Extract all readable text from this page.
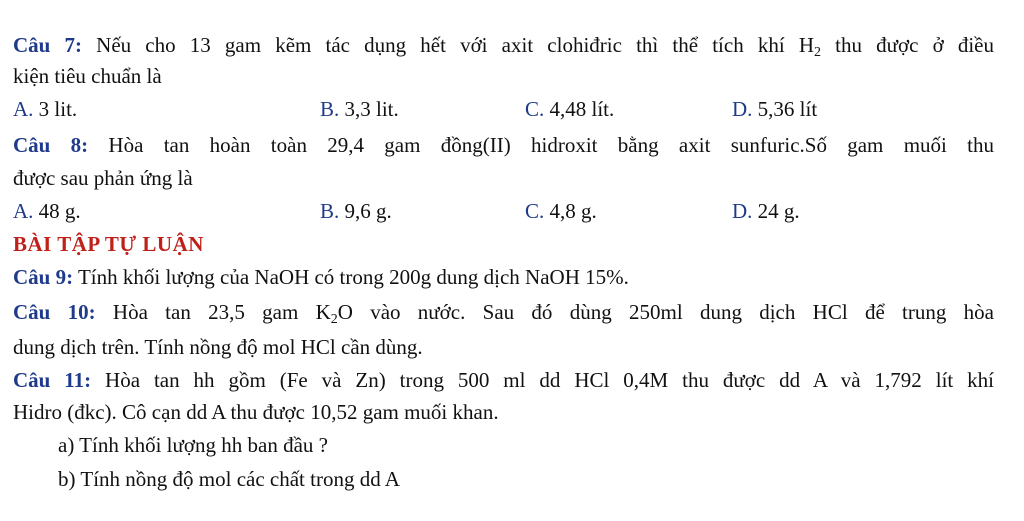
Câu 7: Nếu cho 13 gam kẽm tác dụng hết với axit clohiđric thì thể tích khí $H_2$ thu được ở điều
kiện tiêu chuẩn là
A. 3 lit.	B. 3,3 lit.	C. 4,48 lít.	D. 5,36 lít
Câu 8: Hòa tan hoàn toàn 29,4 gam đồng(II) hidroxit bằng axit sunfuric.Số gam muối thu
được sau phản ứng là
A. 48 g.	B. 9,6 g.	C. 4,8 g.	D. 24 g.
BÀI TẬP TỰ LUẬN
Câu 9: Tính khối lượng của NaOH có trong 200g dung dịch NaOH 15%.
Câu 10: Hòa tan 23,5 gam $K_2O$ vào nước. Sau đó dùng 250ml dung dịch HCl để trung hòa
dung dịch trên. Tính nồng độ mol HCl cần dùng.
Câu 11: Hòa tan hh gồm (Fe và Zn) trong 500 ml dd HCl 0,4M thu được dd A và 1,792 lít khí
Hidro (đkc). Cô cạn dd A thu được 10,52 gam muối khan.
a) Tính khối lượng hh ban đầu ?
b) Tính nồng độ mol các chất trong dd A
